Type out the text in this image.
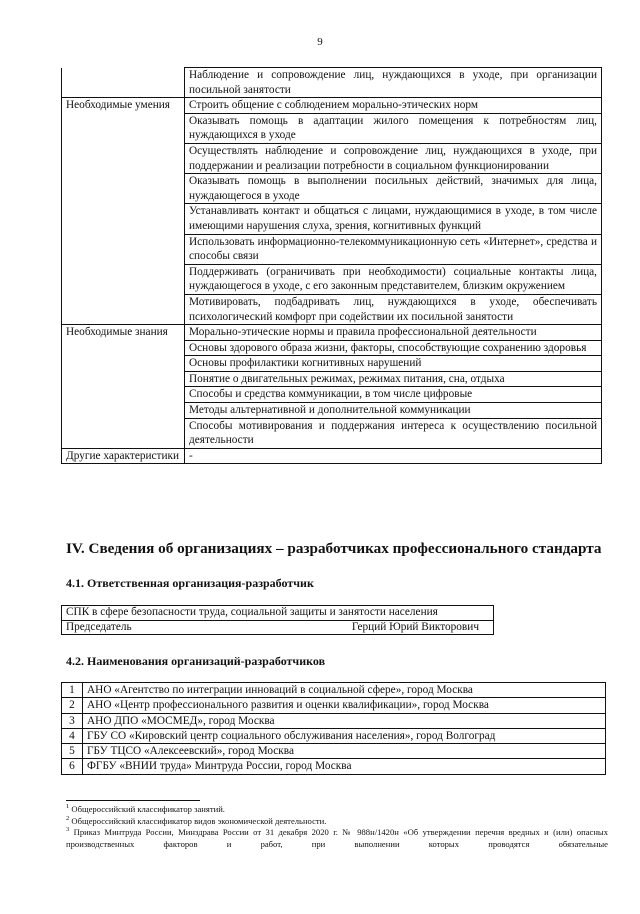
9
	Наблюдение и сопровождение лиц, нуждающихся в уходе, при организации посильной занятости
Необходимые умения	Строить общение с соблюдением морально-этических норм
	Оказывать помощь в адаптации жилого помещения к потребностям лиц, нуждающихся в уходе
	Осуществлять наблюдение и сопровождение лиц, нуждающихся в уходе, при поддержании и реализации потребности в социальном функционировании
	Оказывать помощь в выполнении посильных действий, значимых для лица, нуждающегося в уходе
	Устанавливать контакт и общаться с лицами, нуждающимися в уходе, в том числе имеющими нарушения слуха, зрения, когнитивных функций
	Использовать информационно-телекоммуникационную сеть «Интернет», средства и способы связи
	Поддерживать (ограничивать при необходимости) социальные контакты лица, нуждающегося в уходе, с его законным представителем, близким окружением
	Мотивировать, подбадривать лиц, нуждающихся в уходе, обеспечивать психологический комфорт при содействии их посильной занятости
Необходимые знания	Морально-этические нормы и правила профессиональной деятельности
	Основы здорового образа жизни, факторы, способствующие сохранению здоровья
	Основы профилактики когнитивных нарушений
	Понятие о двигательных режимах, режимах питания, сна, отдыха
	Способы и средства коммуникации, в том числе цифровые
	Методы альтернативной и дополнительной коммуникации
	Способы мотивирования и поддержания интереса к осуществлению посильной деятельности
Другие характеристики	-
IV. Сведения об организациях – разработчиках профессионального стандарта
4.1. Ответственная организация-разработчик
СПК в сфере безопасности труда, социальной защиты и занятости населения
Председатель	Герций Юрий Викторович
4.2. Наименования организаций-разработчиков
1	АНО «Агентство по интеграции инноваций в социальной сфере», город Москва
2	АНО «Центр профессионального развития и оценки квалификации», город Москва
3	АНО ДПО «МОСМЕД», город Москва
4	ГБУ СО «Кировский центр социального обслуживания населения», город Волгоград
5	ГБУ ТЦСО «Алексеевский», город Москва
6	ФГБУ «ВНИИ труда» Минтруда России, город Москва

$^1$ Общероссийский классификатор занятий.

$^2$ Общероссийский классификатор видов экономической деятельности.

$^3$ Приказ Минтруда России, Минздрава России от 31 декабря 2020 г. № 988н/1420н «Об утверждении перечня вредных и (или) опасных производственных факторов и работ, при выполнении которых проводятся обязательные
